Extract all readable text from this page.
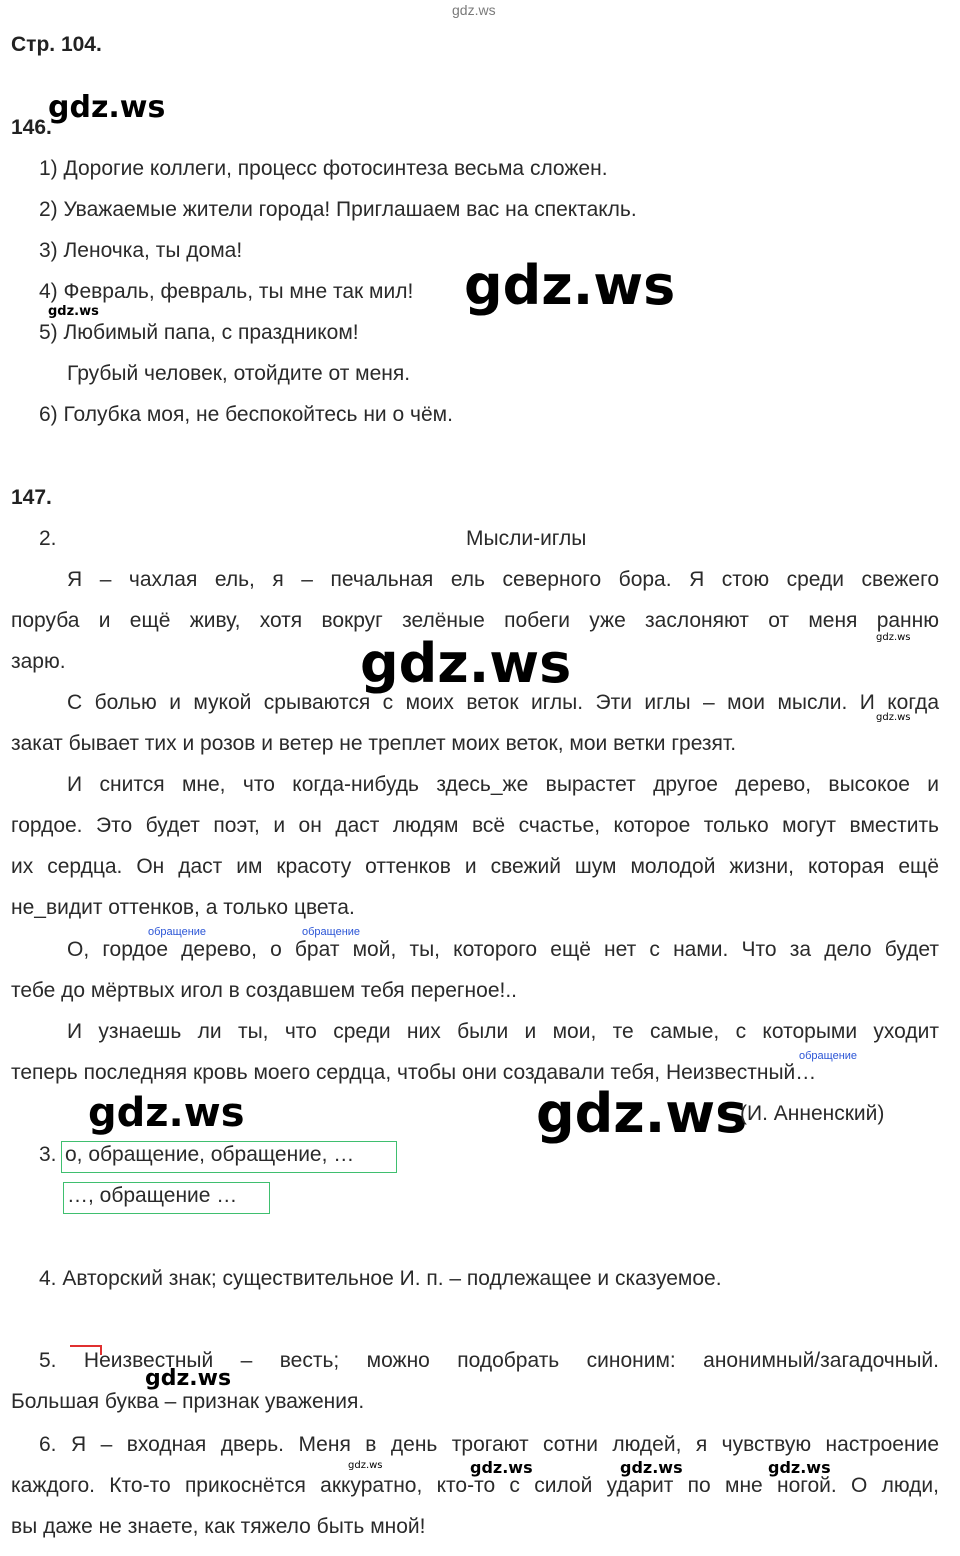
gdz.ws
Стр. 104.
146.
gdz.ws
1) Дорогие коллеги, процесс фотосинтеза весьма сложен.
2) Уважаемые жители города! Приглашаем вас на спектакль.
3) Леночка, ты дома!
4) Февраль, февраль, ты мне так мил!
gdz.ws	gdz.ws
5) Любимый папа, с праздником!
Грубый человек, отойдите от меня.
6) Голубка моя, не беспокойтесь ни о чём.
147.
2.	Мысли-иглы
Я – чахлая ель, я – печальная ель северного бора. Я стою среди свежего
поруба и ещё живу, хотя вокруг зелёные побеги уже заслоняют от меня ранню
gdz.ws
зарю.	gdz.ws
С болью и мукой срываются с моих веток иглы. Эти иглы – мои мысли. И когда
gdz.ws
закат бывает тих и розов и ветер не треплет моих веток, мои ветки грезят.
И снится мне, что когда-нибудь здесь_же вырастет другое дерево, высокое и
гордое. Это будет поэт, и он даст людям всё счастье, которое только могут вместить
их сердца. Он даст им красоту оттенков и свежий шум молодой жизни, которая ещё
не_видит оттенков, а только цвета.
обращение	обращение
О, гордое дерево, о брат мой, ты, которого ещё нет с нами. Что за дело будет
тебе до мёртвых игол в создавшем тебя перегное!..
И узнаешь ли ты, что среди них были и мои, те самые, с которыми уходит
обращение
теперь последняя кровь моего сердца, чтобы они создавали тебя, Неизвестный…
gdz.ws	gdz.ws
(И. Анненский)
3. о, обращение, обращение, …
…, обращение …
4. Авторский знак; существительное И. п. – подлежащее и сказуемое.
5. Неизвестный – весть; можно подобрать синоним: анонимный/загадочный.
gdz.ws
Большая буква – признак уважения.
6. Я – входная дверь. Меня в день трогают сотни людей, я чувствую настроение
gdz.ws	gdz.ws	gdz.ws	gdz.ws
каждого. Кто-то прикоснётся аккуратно, кто-то с силой ударит по мне ногой. О люди,
вы даже не знаете, как тяжело быть мной!
